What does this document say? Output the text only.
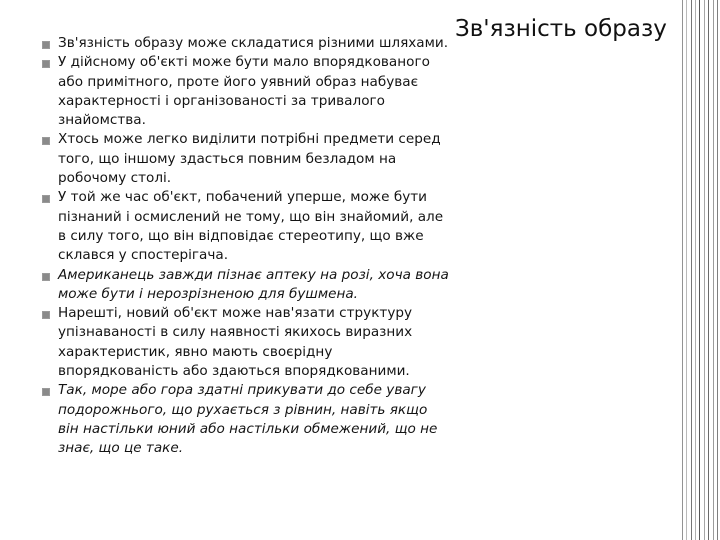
Зв'язність образу
Зв'язність образу може складатися різними шляхами.
У дійсному об'єкті може бути мало впорядкованого або примітного, проте його уявний образ набуває характерності і організованості за тривалого знайомства.
Хтось може легко виділити потрібні предмети серед того, що іншому здасться повним безладом на робочому столі.
У той же час об'єкт, побачений уперше, може бути пізнаний і осмислений не тому, що він знайомий, але в силу того, що він відповідає стереотипу, що вже склався у спостерігача.
Американець завжди пізнає аптеку на розі, хоча вона може бути і нерозрізненою для бушмена.
Нарешті, новий об'єкт може нав'язати структуру упізнаваності в силу наявності якихось виразних характеристик, явно мають своєрідну впорядкованість або здаються впорядкованими.
Так, море або гора здатні прикувати до себе увагу подорожнього, що рухається з рівнин, навіть якщо він настільки юний або настільки обмежений, що не знає, що це таке.
